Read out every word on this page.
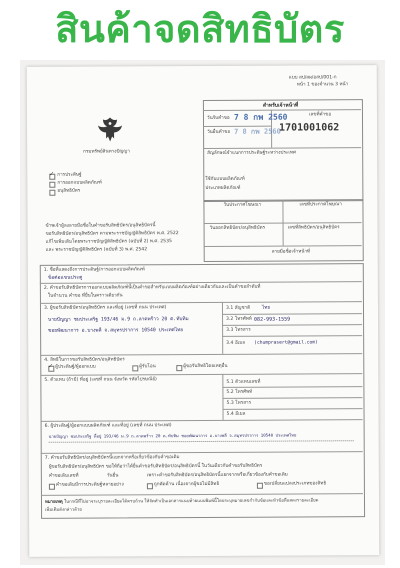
สินค้าจดสิทธิบัตร
แบบ สป/สผ/อสป/001-ก
หน้า 1 ของจำนวน 3 หน้า
กรมทรัพย์สินทางปัญญา
สำหรับเจ้าหน้าที่
วันรับคำขอ 7 8 กพ 2560
วันยื่นคำขอ 7 8 กพ 2560
เลขที่คำขอ
1701001062
สัญลักษณ์จำแนกการประดิษฐ์ระหว่างประเทศ
✓ การประดิษฐ์
การออกแบบผลิตภัณฑ์
อนุสิทธิบัตร
ใช้กับแบบผลิตภัณฑ์
ประเภทผลิตภัณฑ์
วันประกาศโฆษณา	เลขที่ประกาศโฆษณา
วันออกสิทธิบัตร/อนุสิทธิบัตร	เลขที่สิทธิบัตร/อนุสิทธิบัตร
ลายมือชื่อเจ้าหน้าที่
ข้าพเจ้าผู้ลงลายมือชื่อในคำขอรับสิทธิบัตร/อนุสิทธิบัตรนี้
ขอรับสิทธิบัตร/อนุสิทธิบัตร ตามพระราชบัญญัติสิทธิบัตร พ.ศ. 2522
แก้ไขเพิ่มเติมโดยพระราชบัญญัติสิทธิบัตร (ฉบับที่ 2) พ.ศ. 2535
และ พระราชบัญญัติสิทธิบัตร (ฉบับที่ 3) พ.ศ. 2542
1. ชื่อที่แสดงถึงการประดิษฐ์/การออกแบบผลิตภัณฑ์
ข้อต่อแขนประตู
2. คำขอรับสิทธิบัตรการออกแบบผลิตภัณฑ์นี้เป็นคำขอสำหรับแบบผลิตภัณฑ์อย่างเดียวกันและเป็นคำขอลำดับที่
ในจำนวน คำขอ ที่ยื่นในคราวเดียวกัน
3. ผู้ขอรับสิทธิบัตร/อนุสิทธิบัตร และที่อยู่ (เลขที่ ถนน ประเทศ)
นายปัญญา ชมประเสริฐ 193/46 ม.9 ถ.ลาดพร้าว 20 ต.ทับทิม
ซอยพัฒนาการ อ.บางพลี จ.สมุทรปราการ 10540 ประเทศไทย
3.1 สัญชาติ	ไทย
3.2 โทรศัพท์ 082-993-1559
3.3 โทรสาร
3.4 อีเมล (chumprasert@gmail.com)
4. สิทธิในการขอรับสิทธิบัตร/อนุสิทธิบัตร
✓ ผู้ประดิษฐ์/ผู้ออกแบบ	ผู้รับโอน	ผู้ขอรับสิทธิโดยเหตุอื่น
5. ตัวแทน (ถ้ามี) ที่อยู่ (เลขที่ ถนน จังหวัด รหัสไปรษณีย์)	5.1 ตัวแทนเลขที่
5.2 โทรศัพท์
5.3 โทรสาร
5.4 อีเมล
6. ผู้ประดิษฐ์/ผู้ออกแบบผลิตภัณฑ์ และที่อยู่ (เลขที่ ถนน ประเทศ)
นายปัญญา ชมประเสริฐ ที่อยู่ 193/46 ม.9 ถ.ลาดพร้าว 20 ต.ทับทิม ซอยพัฒนาการ อ.บางพลี จ.สมุทรปราการ 10540 ประเทศไทย
7. คำขอรับสิทธิบัตร/อนุสิทธิบัตรนี้แยกจากหรือเกี่ยวข้องกับคำขอเดิม
ผู้ขอรับสิทธิบัตร/อนุสิทธิบัตร ขอให้ถือว่าได้ยื่นคำขอรับสิทธิบัตร/อนุสิทธิบัตรนี้ ในวันเดียวกับคำขอรับสิทธิบัตร
คำขอเดิมเลขที่	วันยื่น	เพราะคำขอรับสิทธิบัตร/อนุสิทธิบัตรนี้แยกจากหรือเกี่ยวข้องกับคำขอเดิม
คำขอเดิมมีการประดิษฐ์หลายอย่าง	ถูกคัดค้าน เนื่องจากผู้ขอไม่มีสิทธิ	ขอเปลี่ยนแปลงประเภทของสิทธิ
หมายเหตุ ในกรณีที่ไม่อาจระบุรายละเอียดได้ครบถ้วน ให้จัดทำเป็นเอกสารแนบท้ายแบบพิมพ์นี้โดยระบุหมายเลขกำกับข้อและหัวข้อที่แสดงรายละเอียด
เพิ่มเติมดังกล่าวด้วย
